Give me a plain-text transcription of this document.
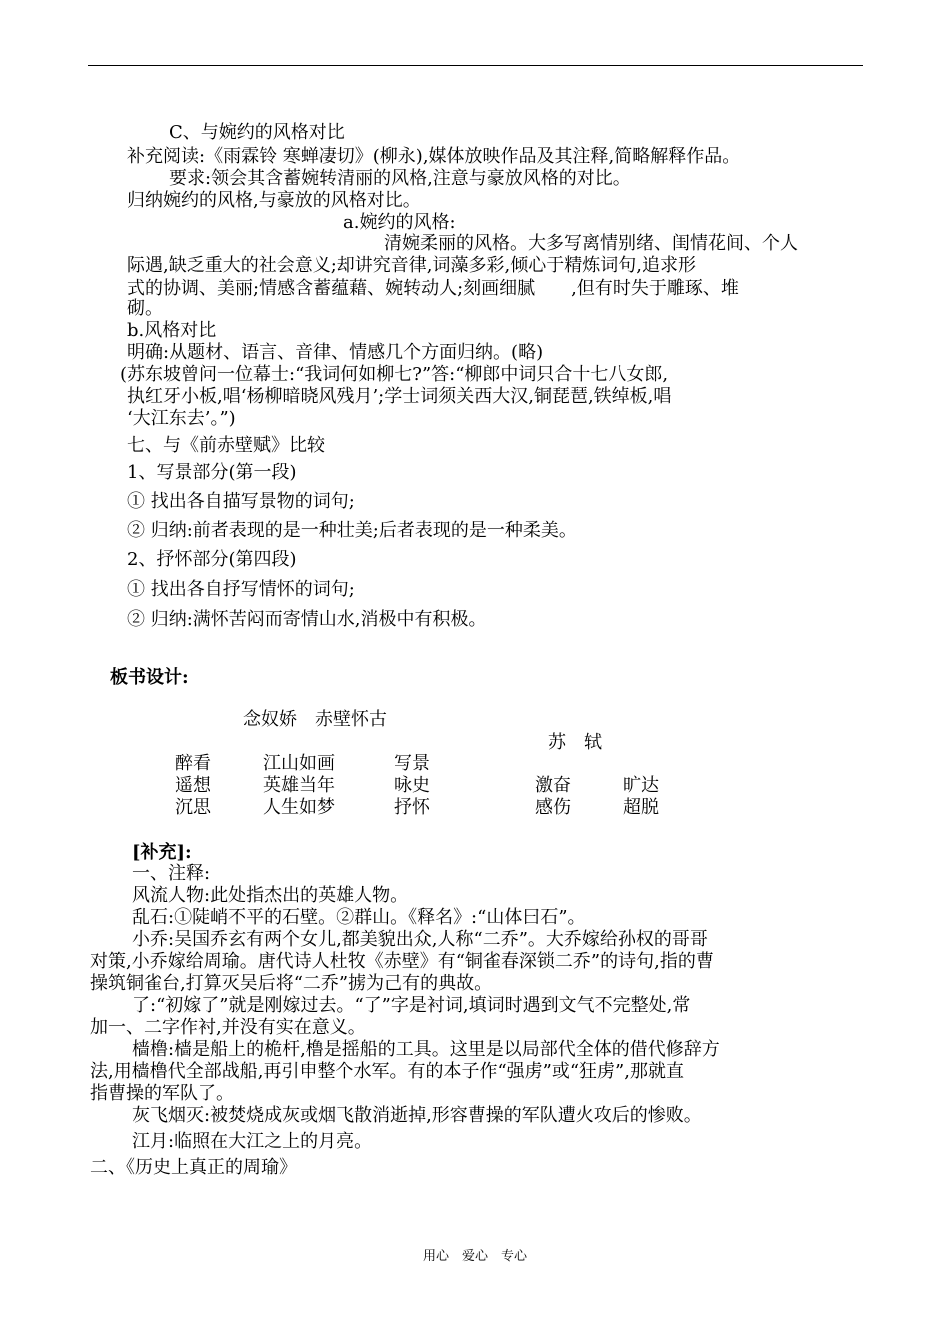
C、与婉约的风格对比
补充阅读:《雨霖铃 寒蝉凄切》(柳永),媒体放映作品及其注释,简略解释作品。
要求:领会其含蓄婉转清丽的风格,注意与豪放风格的对比。
归纳婉约的风格,与豪放的风格对比。
a.婉约的风格:
清婉柔丽的风格。大多写离情别绪、闺情花间、个人
际遇,缺乏重大的社会意义;却讲究音律,词藻多彩,倾心于精炼词句,追求形
式的协调、美丽;情感含蓄蕴藉、婉转动人;刻画细腻　　,但有时失于雕琢、堆
砌。
b.风格对比
明确:从题材、语言、音律、情感几个方面归纳。(略)
(苏东坡曾问一位幕士:“我词何如柳七?”答:“柳郎中词只合十七八女郎,
执红牙小板,唱‘杨柳暗晓风残月’;学士词须关西大汉,铜琵琶,铁绰板,唱
‘大江东去’。”)
七、与《前赤壁赋》比较
1、写景部分(第一段)
① 找出各自描写景物的词句;
② 归纳:前者表现的是一种壮美;后者表现的是一种柔美。
2、抒怀部分(第四段)
① 找出各自抒写情怀的词句;
② 归纳:满怀苦闷而寄情山水,消极中有积极。
板书设计:
念奴娇　赤壁怀古
苏　轼
醉看	江山如画	写景
遥想	英雄当年	咏史	激奋	旷达
沉思	人生如梦	抒怀	感伤	超脱
[补充]:
一、注释:
风流人物:此处指杰出的英雄人物。
乱石:①陡峭不平的石壁。②群山。《释名》:“山体曰石”。
小乔:吴国乔玄有两个女儿,都美貌出众,人称“二乔”。大乔嫁给孙权的哥哥
对策,小乔嫁给周瑜。唐代诗人杜牧《赤壁》有“铜雀春深锁二乔”的诗句,指的曹
操筑铜雀台,打算灭吴后将“二乔”掳为己有的典故。
了:“初嫁了”就是刚嫁过去。“了”字是衬词,填词时遇到文气不完整处,常
加一、二字作衬,并没有实在意义。
樯橹:樯是船上的桅杆,橹是摇船的工具。这里是以局部代全体的借代修辞方
法,用樯橹代全部战船,再引申整个水军。有的本子作“强虏”或“狂虏”,那就直
指曹操的军队了。
灰飞烟灭:被焚烧成灰或烟飞散消逝掉,形容曹操的军队遭火攻后的惨败。
江月:临照在大江之上的月亮。
二、《历史上真正的周瑜》
用心　爱心　专心
